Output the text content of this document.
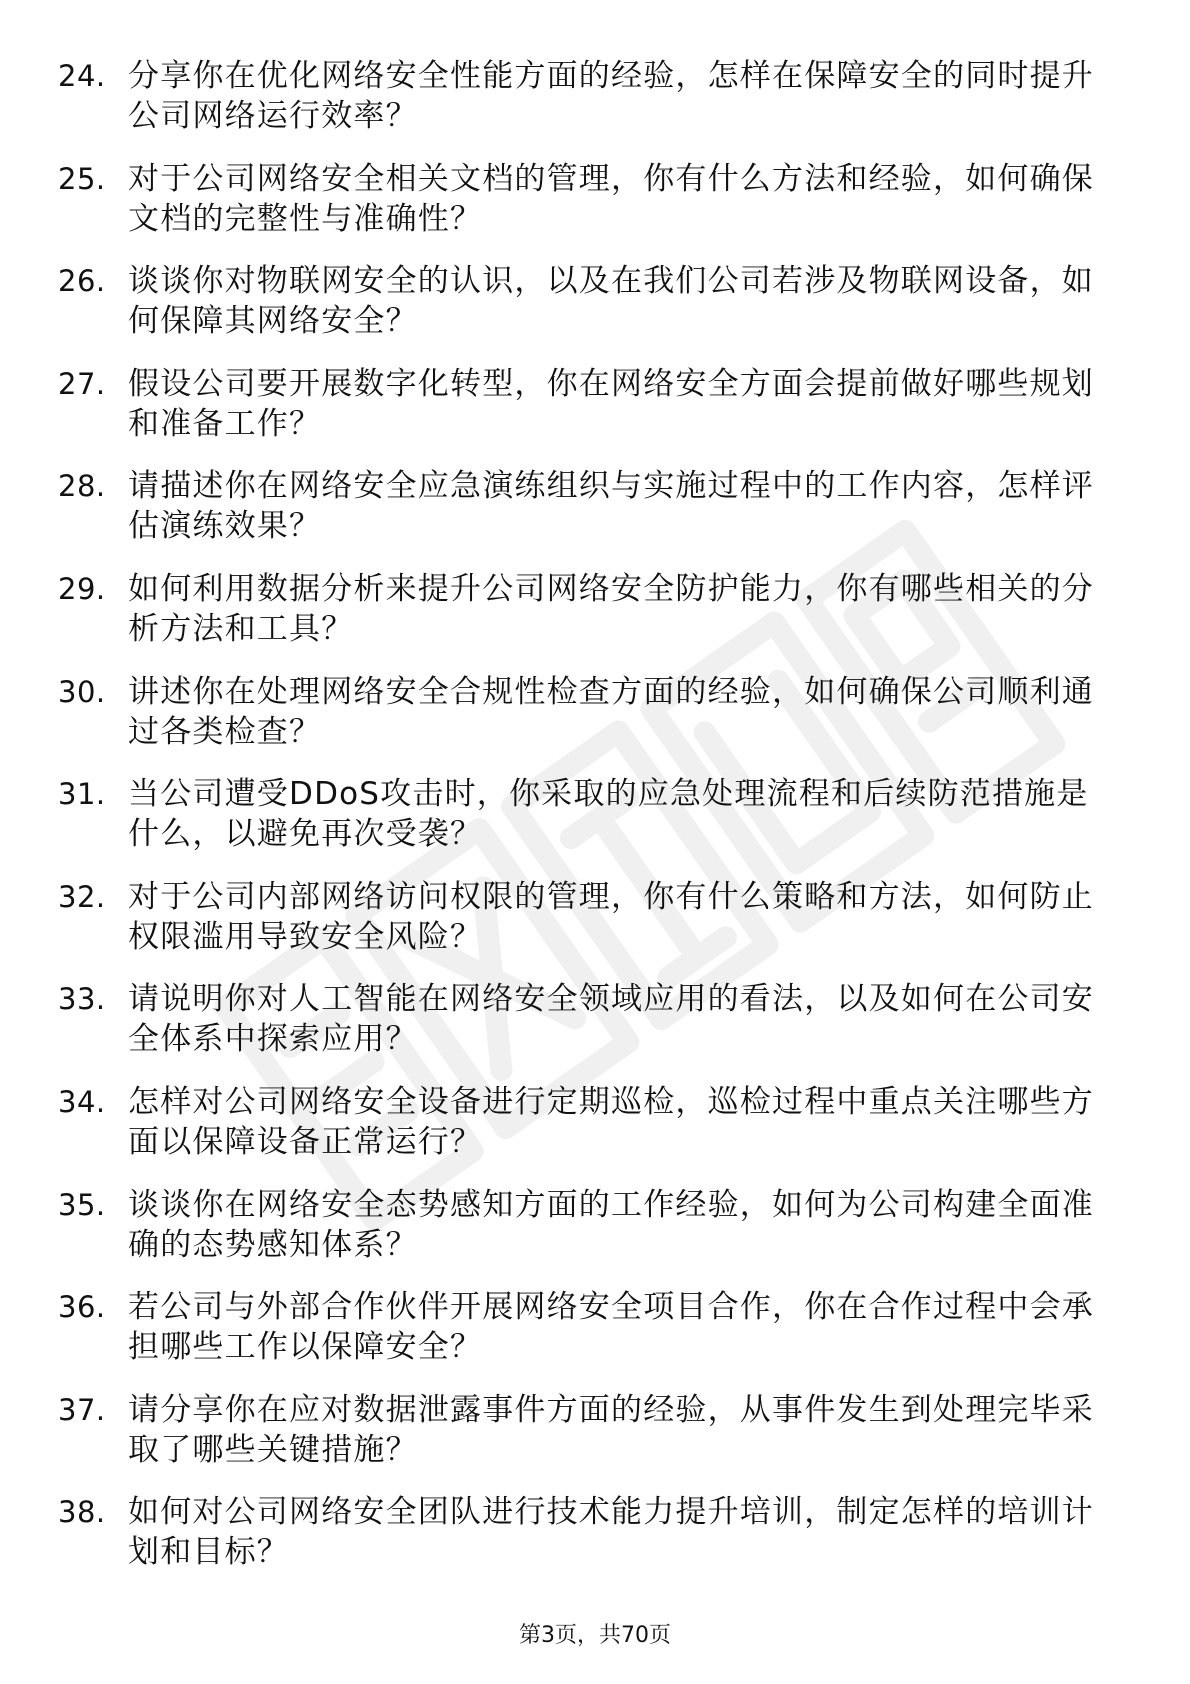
24. 分享你在优化网络安全性能方面的经验，怎样在保障安全的同时提升公司网络运行效率？
25. 对于公司网络安全相关文档的管理，你有什么方法和经验，如何确保文档的完整性与准确性？
26. 谈谈你对物联网安全的认识，以及在我们公司若涉及物联网设备，如何保障其网络安全？
27. 假设公司要开展数字化转型，你在网络安全方面会提前做好哪些规划和准备工作？
28. 请描述你在网络安全应急演练组织与实施过程中的工作内容，怎样评估演练效果？
29. 如何利用数据分析来提升公司网络安全防护能力，你有哪些相关的分析方法和工具？
30. 讲述你在处理网络安全合规性检查方面的经验，如何确保公司顺利通过各类检查？
31. 当公司遭受DDoS攻击时，你采取的应急处理流程和后续防范措施是什么，以避免再次受袭？
32. 对于公司内部网络访问权限的管理，你有什么策略和方法，如何防止权限滥用导致安全风险？
33. 请说明你对人工智能在网络安全领域应用的看法，以及如何在公司安全体系中探索应用？
34. 怎样对公司网络安全设备进行定期巡检，巡检过程中重点关注哪些方面以保障设备正常运行？
35. 谈谈你在网络安全态势感知方面的工作经验，如何为公司构建全面准确的态势感知体系？
36. 若公司与外部合作伙伴开展网络安全项目合作，你在合作过程中会承担哪些工作以保障安全？
37. 请分享你在应对数据泄露事件方面的经验，从事件发生到处理完毕采取了哪些关键措施？
38. 如何对公司网络安全团队进行技术能力提升培训，制定怎样的培训计划和目标？
第3页，共70页
